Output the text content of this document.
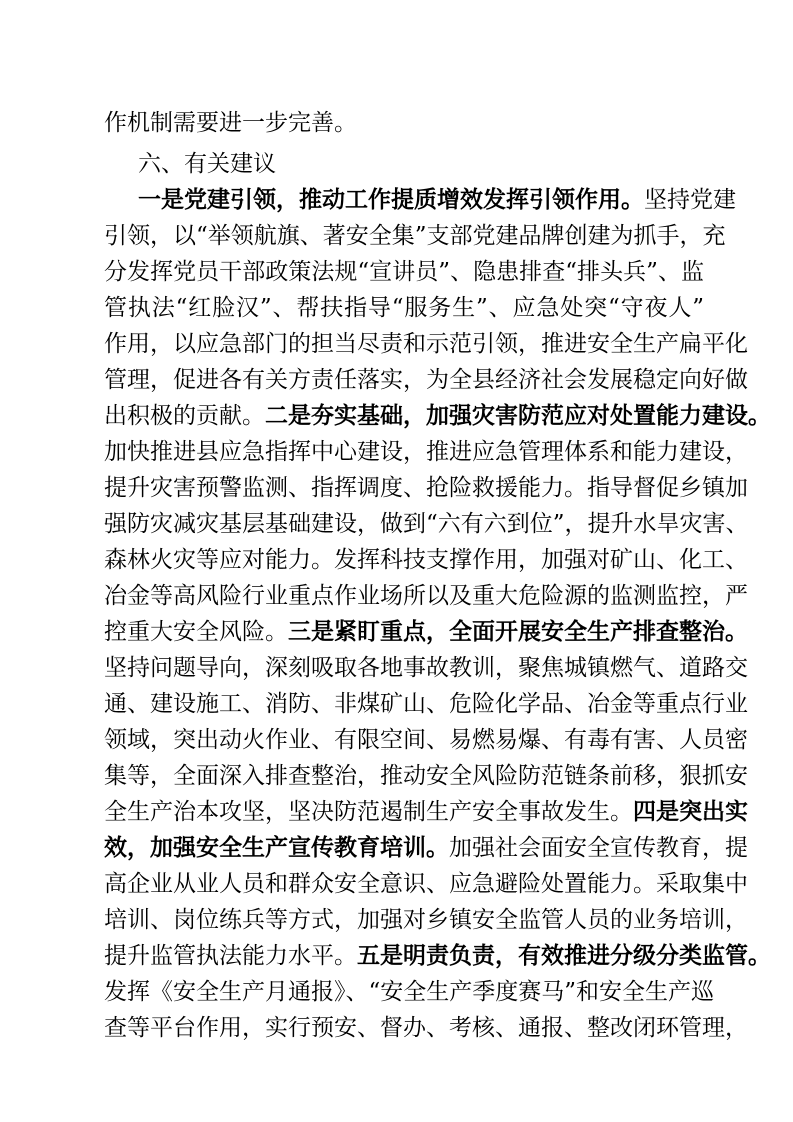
作机制需要进一步完善。
六、有关建议
一是党建引领，推动工作提质增效发挥引领作用。坚持党建
引领，以“举领航旗、著安全集”支部党建品牌创建为抓手，充
分发挥党员干部政策法规“宣讲员”、隐患排查“排头兵”、监
管执法“红脸汉”、帮扶指导“服务生”、应急处突“守夜人”
作用，以应急部门的担当尽责和示范引领，推进安全生产扁平化
管理，促进各有关方责任落实，为全县经济社会发展稳定向好做
出积极的贡献。二是夯实基础，加强灾害防范应对处置能力建设。
加快推进县应急指挥中心建设，推进应急管理体系和能力建设，
提升灾害预警监测、指挥调度、抢险救援能力。指导督促乡镇加
强防灾减灾基层基础建设，做到“六有六到位”，提升水旱灾害、
森林火灾等应对能力。发挥科技支撑作用，加强对矿山、化工、
冶金等高风险行业重点作业场所以及重大危险源的监测监控，严
控重大安全风险。三是紧盯重点，全面开展安全生产排查整治。
坚持问题导向，深刻吸取各地事故教训，聚焦城镇燃气、道路交
通、建设施工、消防、非煤矿山、危险化学品、冶金等重点行业
领域，突出动火作业、有限空间、易燃易爆、有毒有害、人员密
集等，全面深入排查整治，推动安全风险防范链条前移，狠抓安
全生产治本攻坚，坚决防范遏制生产安全事故发生。四是突出实
效，加强安全生产宣传教育培训。加强社会面安全宣传教育，提
高企业从业人员和群众安全意识、应急避险处置能力。采取集中
培训、岗位练兵等方式，加强对乡镇安全监管人员的业务培训，
提升监管执法能力水平。五是明责负责，有效推进分级分类监管。
发挥《安全生产月通报》、“安全生产季度赛马”和安全生产巡
查等平台作用，实行预安、督办、考核、通报、整改闭环管理，
